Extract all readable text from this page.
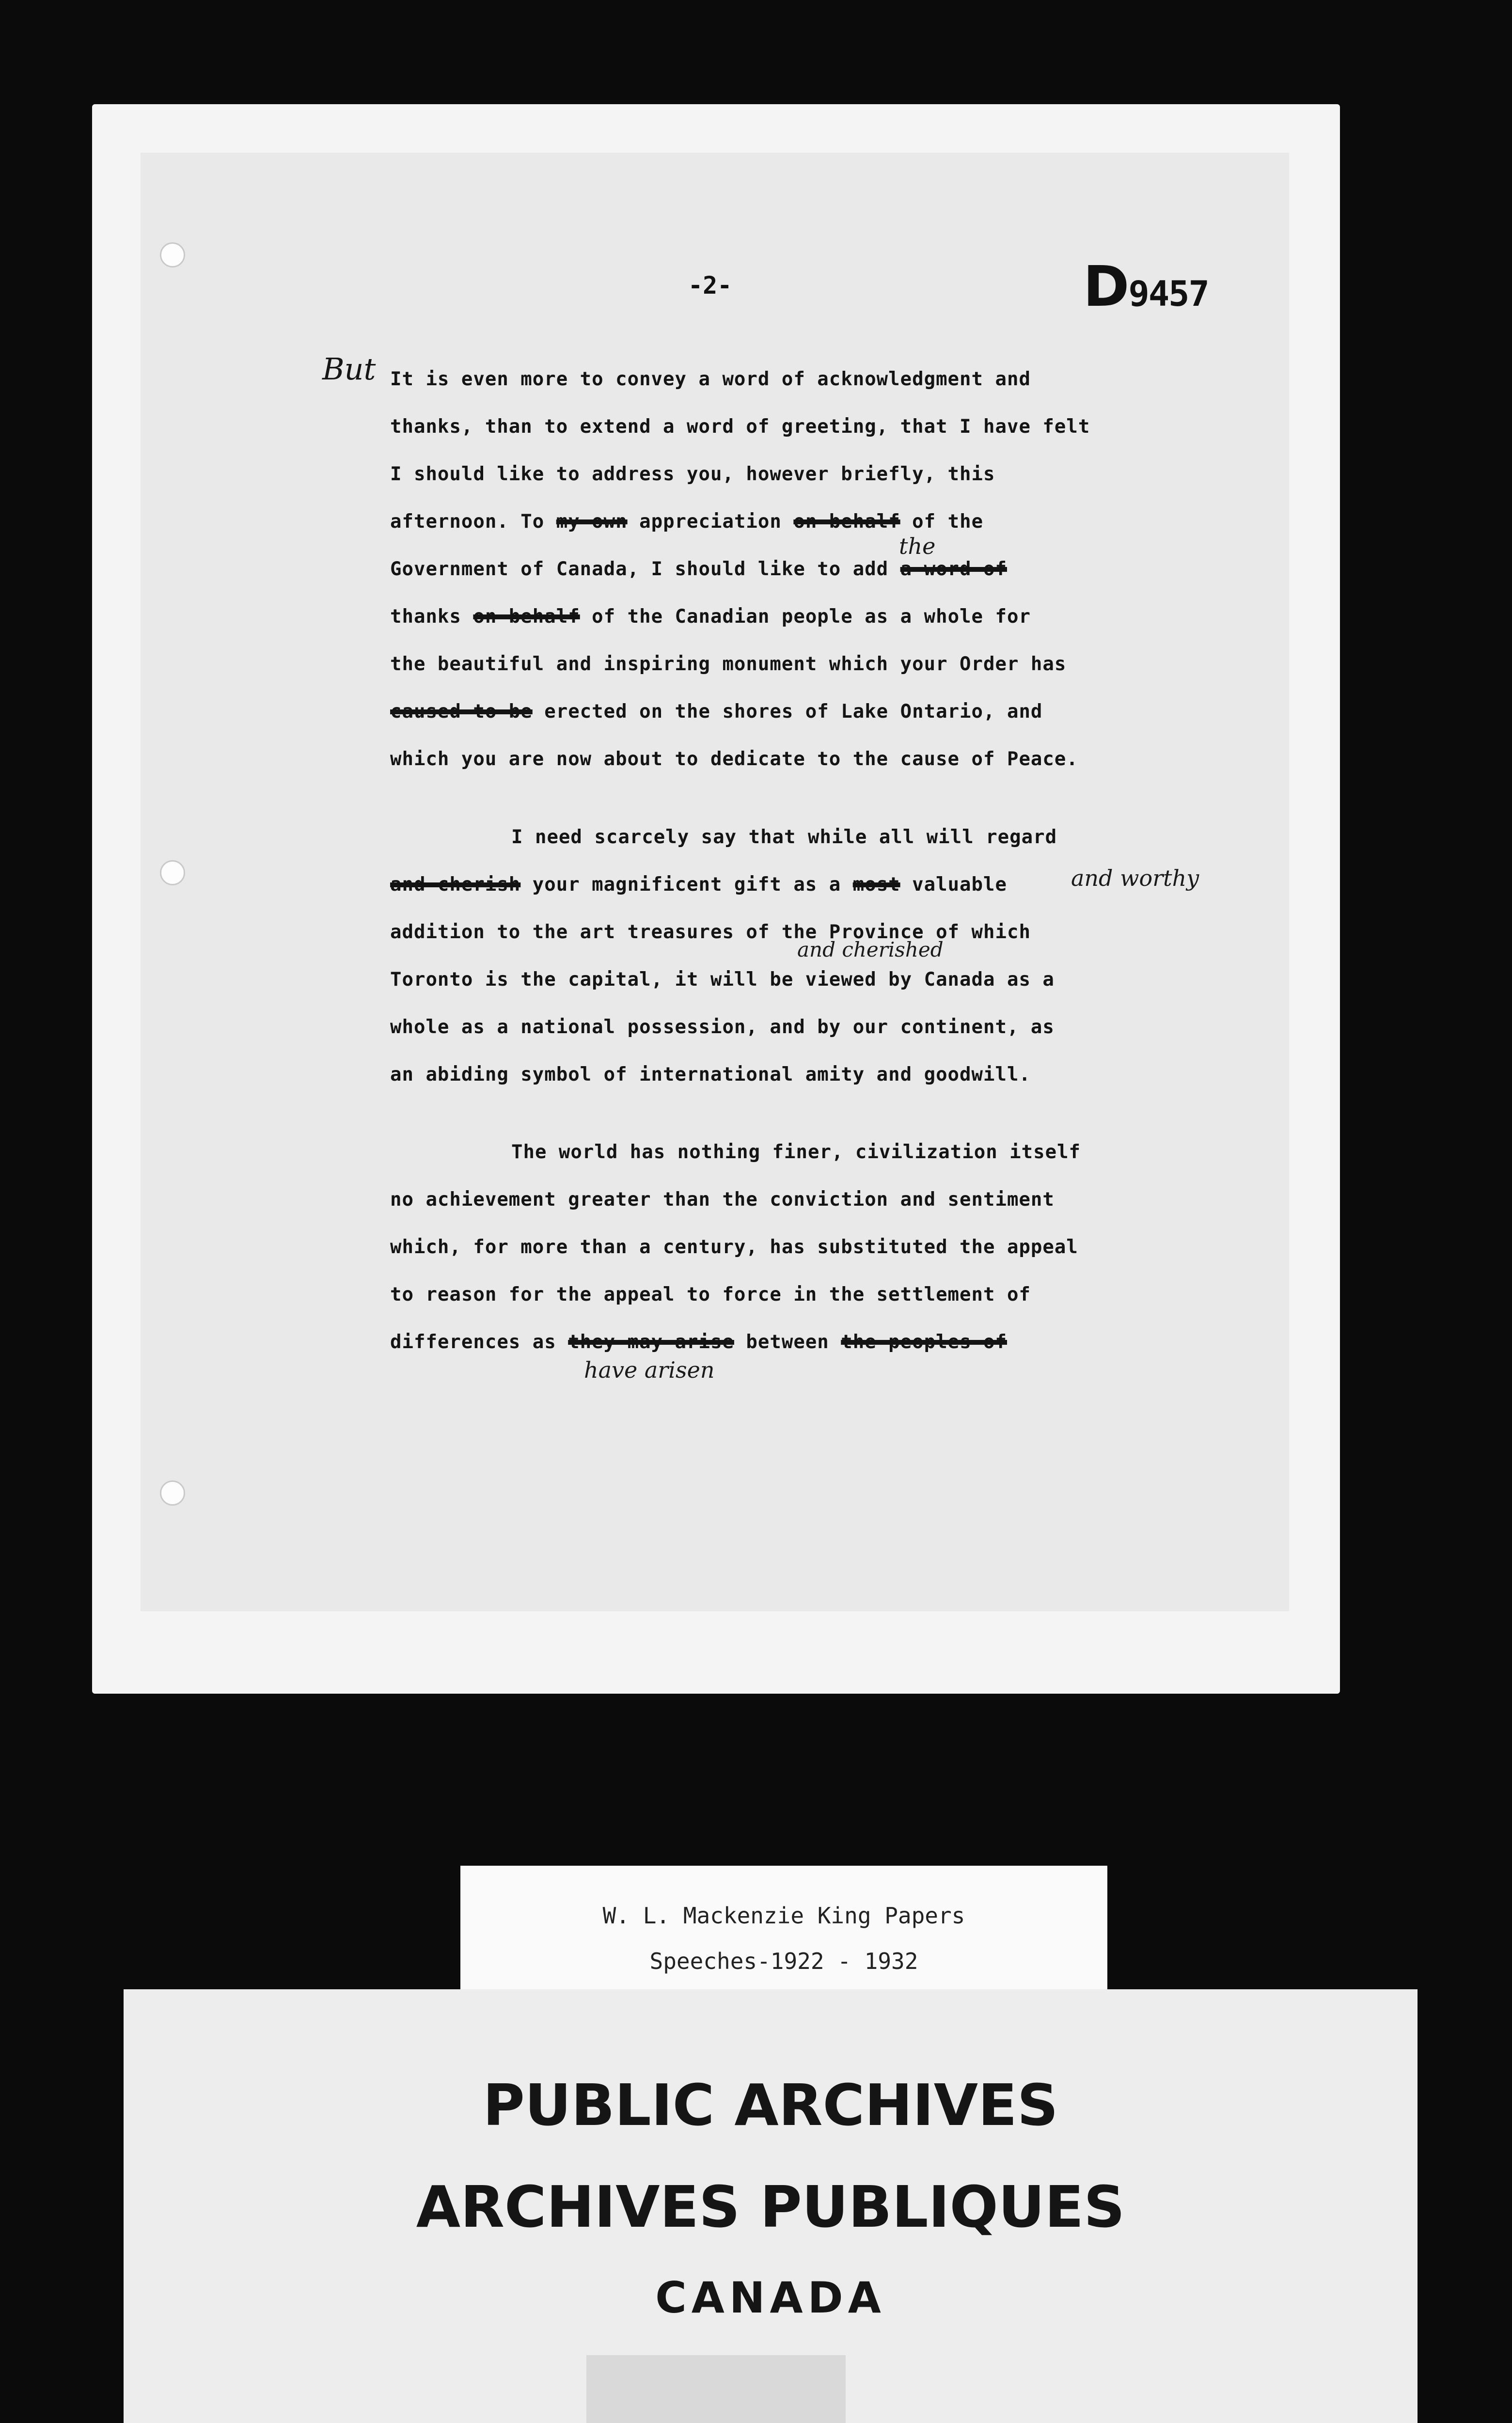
D9457
-2-
But It is even more to convey a word of acknowledgment and
thanks, than to extend a word of greeting, that I have felt
I should like to address you, however briefly, this
afternoon. To my own appreciation on behalf of the
the
Government of Canada, I should like to add a word of
thanks on behalf of the Canadian people as a whole for
the beautiful and inspiring monument which your Order has
caused to be erected on the shores of Lake Ontario, and
which you are now about to dedicate to the cause of Peace.
I need scarcely say that while all will regard
and cherish your magnificent gift as a most valuable	and worthy
addition to the art treasures of the Province of which
and cherished
Toronto is the capital, it will be viewed by Canada as a
whole as a national possession, and by our continent, as
an abiding symbol of international amity and goodwill.
The world has nothing finer, civilization itself
no achievement greater than the conviction and sentiment
which, for more than a century, has substituted the appeal
to reason for the appeal to force in the settlement of
differences as they may arise between the peoples of
have arisen
W. L. Mackenzie King Papers
Speeches-1922 - 1932
PUBLIC ARCHIVES
ARCHIVES PUBLIQUES
CANADA
